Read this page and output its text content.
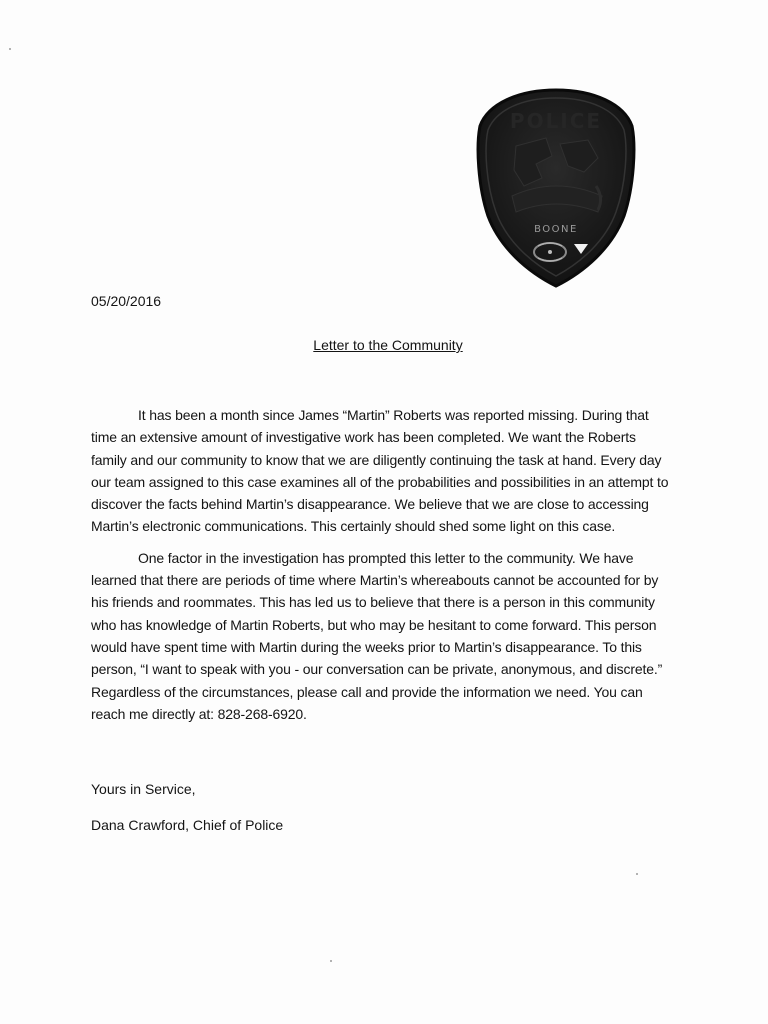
POLICE
BOONE
05/20/2016
Letter to the Community

It has been a month since James “Martin” Roberts was reported missing. During that time an extensive amount of investigative work has been completed. We want the Roberts family and our community to know that we are diligently continuing the task at hand. Every day our team assigned to this case examines all of the probabilities and possibilities in an attempt to discover the facts behind Martin’s disappearance. We believe that we are close to accessing Martin’s electronic communications. This certainly should shed some light on this case.

One factor in the investigation has prompted this letter to the community. We have learned that there are periods of time where Martin’s whereabouts cannot be accounted for by his friends and roommates. This has led us to believe that there is a person in this community who has knowledge of Martin Roberts, but who may be hesitant to come forward. This person would have spent time with Martin during the weeks prior to Martin’s disappearance. To this person, “I want to speak with you - our conversation can be private, anonymous, and discrete.” Regardless of the circumstances, please call and provide the information we need. You can reach me directly at: 828-268-6920.

Yours in Service,
Dana Crawford, Chief of Police
